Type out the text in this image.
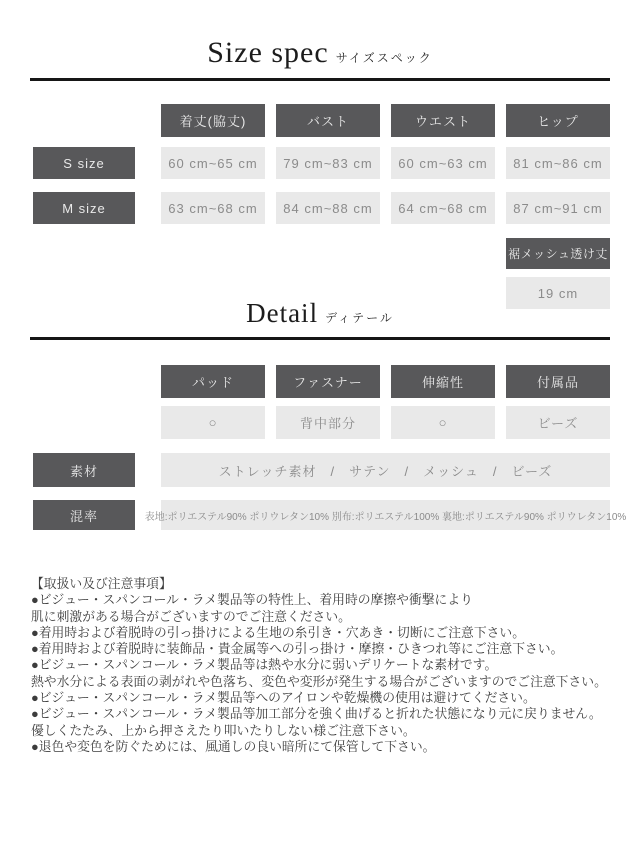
Size spec サイズスペック
着丈(脇丈)	バスト	ウエスト	ヒップ
S size	60 cm~65 cm	79 cm~83 cm	60 cm~63 cm	81 cm~86 cm
M size	63 cm~68 cm	84 cm~88 cm	64 cm~68 cm	87 cm~91 cm
裾メッシュ透け丈
19 cm
Detail ディテール
パッド	ファスナー	伸縮性	付属品
○	背中部分	○	ビーズ
素材	ストレッチ素材　/　サテン　/　メッシュ　/　ビーズ
混率	表地:ポリエステル90% ポリウレタン10% 別布:ポリエステル100% 裏地:ポリエステル90% ポリウレタン10%
【取扱い及び注意事項】
●ビジュー・スパンコール・ラメ製品等の特性上、着用時の摩擦や衝撃により
肌に刺激がある場合がございますのでご注意ください。
●着用時および着脱時の引っ掛けによる生地の糸引き・穴あき・切断にご注意下さい。
●着用時および着脱時に装飾品・貴金属等への引っ掛け・摩擦・ひきつれ等にご注意下さい。
●ビジュー・スパンコール・ラメ製品等は熱や水分に弱いデリケートな素材です。
熱や水分による表面の剥がれや色落ち、変色や変形が発生する場合がございますのでご注意下さい。
●ビジュー・スパンコール・ラメ製品等へのアイロンや乾燥機の使用は避けてください。
●ビジュー・スパンコール・ラメ製品等加工部分を強く曲げると折れた状態になり元に戻りません。
優しくたたみ、上から押さえたり叩いたりしない様ご注意下さい。
●退色や変色を防ぐためには、風通しの良い暗所にて保管して下さい。
